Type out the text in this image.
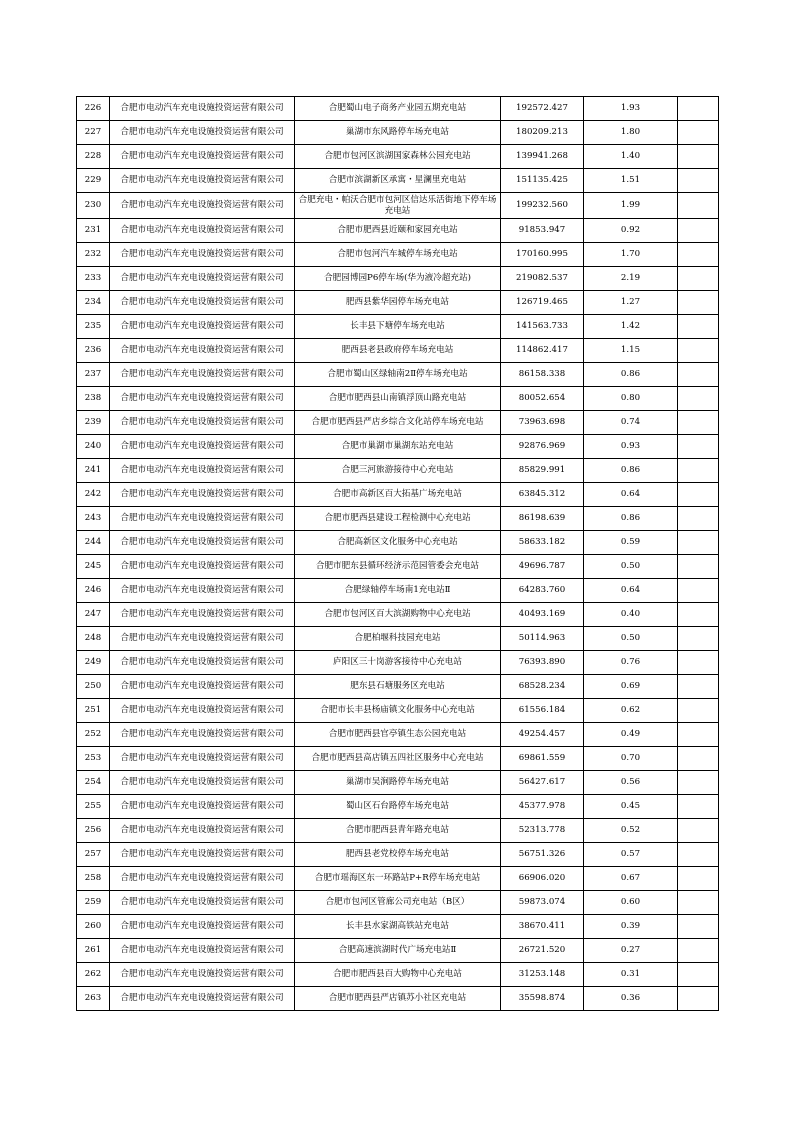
226	合肥市电动汽车充电设施投资运营有限公司	合肥蜀山电子商务产业园五期充电站	192572.427	1.93	
227	合肥市电动汽车充电设施投资运营有限公司	巢湖市东风路停车场充电站	180209.213	1.80	
228	合肥市电动汽车充电设施投资运营有限公司	合肥市包河区滨湖国家森林公园充电站	139941.268	1.40	
229	合肥市电动汽车充电设施投资运营有限公司	合肥市滨湖新区承寓・星澜里充电站	151135.425	1.51	
230	合肥市电动汽车充电设施投资运营有限公司	合肥充电・帕沃合肥市包河区信达乐活街地下停车场充电站	199232.560	1.99	
231	合肥市电动汽车充电设施投资运营有限公司	合肥市肥西县近颐和家园充电站	91853.947	0.92	
232	合肥市电动汽车充电设施投资运营有限公司	合肥市包河汽车城停车场充电站	170160.995	1.70	
233	合肥市电动汽车充电设施投资运营有限公司	合肥园博园P6停车场(华为液冷超充站)	219082.537	2.19	
234	合肥市电动汽车充电设施投资运营有限公司	肥西县紫华园停车场充电站	126719.465	1.27	
235	合肥市电动汽车充电设施投资运营有限公司	长丰县下塘停车场充电站	141563.733	1.42	
236	合肥市电动汽车充电设施投资运营有限公司	肥西县老县政府停车场充电站	114862.417	1.15	
237	合肥市电动汽车充电设施投资运营有限公司	合肥市蜀山区绿轴南2Ⅱ停车场充电站	86158.338	0.86	
238	合肥市电动汽车充电设施投资运营有限公司	合肥市肥西县山南镇浮顶山路充电站	80052.654	0.80	
239	合肥市电动汽车充电设施投资运营有限公司	合肥市肥西县严店乡综合文化站停车场充电站	73963.698	0.74	
240	合肥市电动汽车充电设施投资运营有限公司	合肥市巢湖市巢湖东站充电站	92876.969	0.93	
241	合肥市电动汽车充电设施投资运营有限公司	合肥三河旅游接待中心充电站	85829.991	0.86	
242	合肥市电动汽车充电设施投资运营有限公司	合肥市高新区百大拓基广场充电站	63845.312	0.64	
243	合肥市电动汽车充电设施投资运营有限公司	合肥市肥西县建设工程检测中心充电站	86198.639	0.86	
244	合肥市电动汽车充电设施投资运营有限公司	合肥高新区文化服务中心充电站	58633.182	0.59	
245	合肥市电动汽车充电设施投资运营有限公司	合肥市肥东县循环经济示范园管委会充电站	49696.787	0.50	
246	合肥市电动汽车充电设施投资运营有限公司	合肥绿轴停车场南1充电站Ⅱ	64283.760	0.64	
247	合肥市电动汽车充电设施投资运营有限公司	合肥市包河区百大滨湖购物中心充电站	40493.169	0.40	
248	合肥市电动汽车充电设施投资运营有限公司	合肥柏堰科技园充电站	50114.963	0.50	
249	合肥市电动汽车充电设施投资运营有限公司	庐阳区三十岗游客接待中心充电站	76393.890	0.76	
250	合肥市电动汽车充电设施投资运营有限公司	肥东县石塘服务区充电站	68528.234	0.69	
251	合肥市电动汽车充电设施投资运营有限公司	合肥市长丰县杨庙镇文化服务中心充电站	61556.184	0.62	
252	合肥市电动汽车充电设施投资运营有限公司	合肥市肥西县官亭镇生态公园充电站	49254.457	0.49	
253	合肥市电动汽车充电设施投资运营有限公司	合肥市肥西县高店镇五四社区服务中心充电站	69861.559	0.70	
254	合肥市电动汽车充电设施投资运营有限公司	巢湖市吴涧路停车场充电站	56427.617	0.56	
255	合肥市电动汽车充电设施投资运营有限公司	蜀山区石台路停车场充电站	45377.978	0.45	
256	合肥市电动汽车充电设施投资运营有限公司	合肥市肥西县青年路充电站	52313.778	0.52	
257	合肥市电动汽车充电设施投资运营有限公司	肥西县老党校停车场充电站	56751.326	0.57	
258	合肥市电动汽车充电设施投资运营有限公司	合肥市瑶海区东一环路站P+R停车场充电站	66906.020	0.67	
259	合肥市电动汽车充电设施投资运营有限公司	合肥市包河区管廊公司充电站（B区）	59873.074	0.60	
260	合肥市电动汽车充电设施投资运营有限公司	长丰县水家湖高铁站充电站	38670.411	0.39	
261	合肥市电动汽车充电设施投资运营有限公司	合肥高速滨湖时代广场充电站Ⅱ	26721.520	0.27	
262	合肥市电动汽车充电设施投资运营有限公司	合肥市肥西县百大购物中心充电站	31253.148	0.31	
263	合肥市电动汽车充电设施投资运营有限公司	合肥市肥西县严店镇苏小社区充电站	35598.874	0.36	
